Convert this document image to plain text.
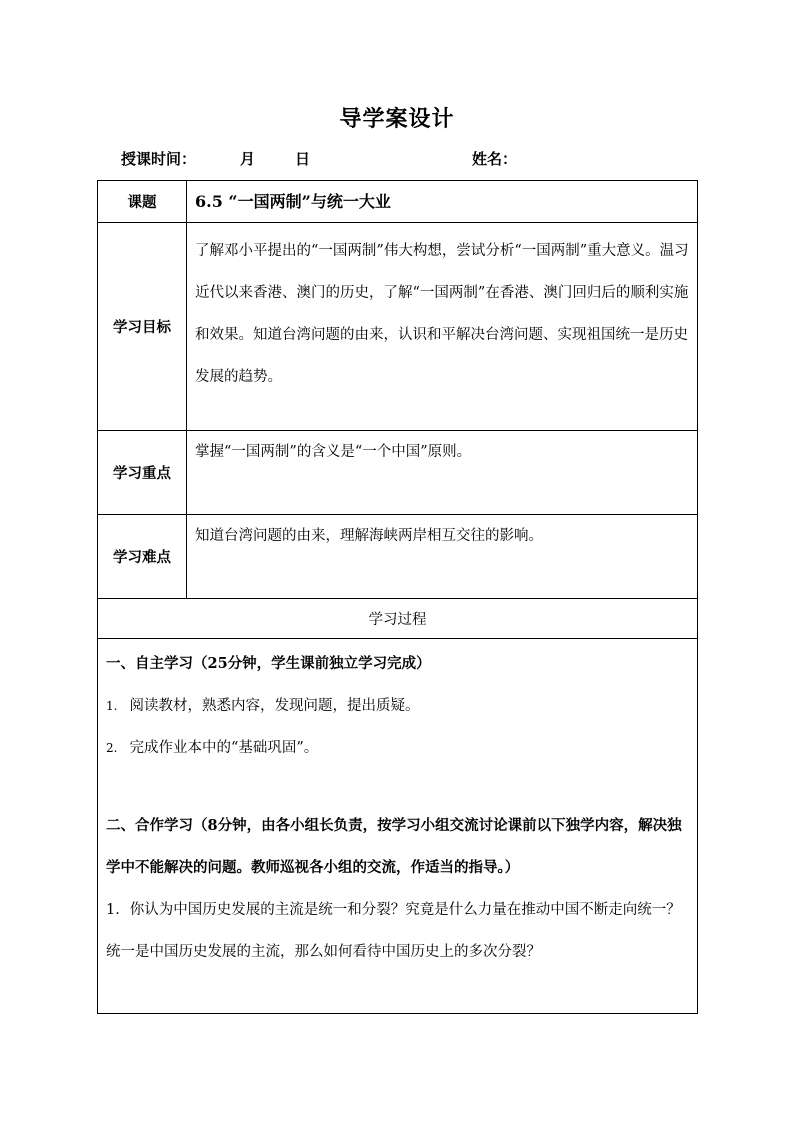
导学案设计
授课时间：	月	日	姓名：
课题	6.5 “一国两制”与统一大业

学习目标	了解邓小平提出的“一国两制”伟大构想，尝试分析“一国两制”重大意义。温习近代以来香港、澳门的历史，了解“一国两制”在香港、澳门回归后的顺利实施和效果。知道台湾问题的由来，认识和平解决台湾问题、实现祖国统一是历史发展的趋势。

学习重点	掌握“一国两制”的含义是“一个中国”原则。

学习难点	知道台湾问题的由来，理解海峡两岸相互交往的影响。

学习过程	

一、自主学习（25分钟，学生课前独立学习完成）
1. 阅读教材，熟悉内容，发现问题，提出质疑。
2. 完成作业本中的“基础巩固”。
二、合作学习（8分钟，由各小组长负责，按学习小组交流讨论课前以下独学内容，解决独学中不能解决的问题。教师巡视各小组的交流，作适当的指导。）
1．你认为中国历史发展的主流是统一和分裂？究竟是什么力量在推动中国不断走向统一？统一是中国历史发展的主流，那么如何看待中国历史上的多次分裂？	
